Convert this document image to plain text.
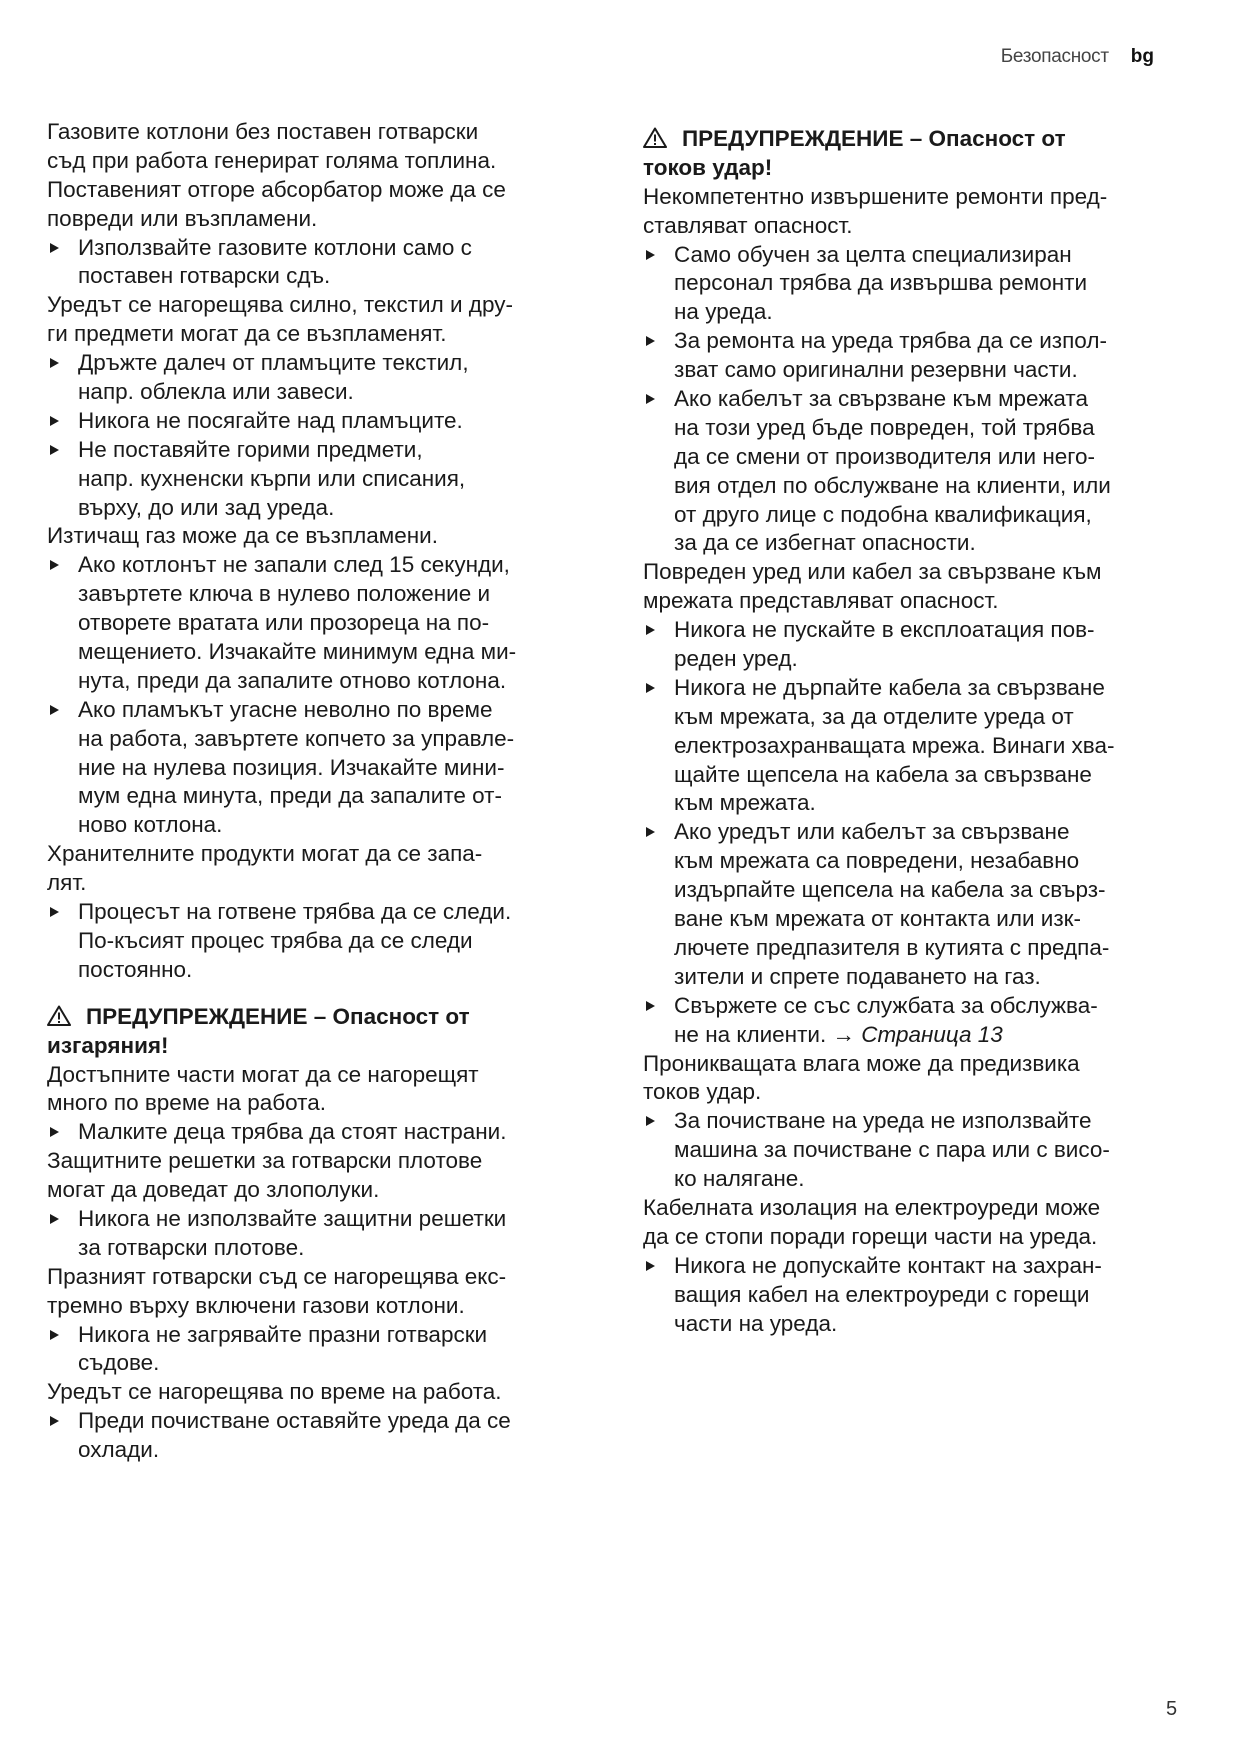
Безопасност bg
Газовите котлони без поставен готварски
съд при работа генерират голяма топлина.
Поставеният отгоре абсорбатор може да се
повреди или възпламени.
Използвайте газовите котлони само с
поставен готварски сдъ.
Уредът се нагорещява силно, текстил и дру-
ги предмети могат да се възпламенят.
Дръжте далеч от пламъците текстил,
напр. облекла или завеси.
Никога не посягайте над пламъците.
Не поставяйте горими предмети,
напр. кухненски кърпи или списания,
върху, до или зад уреда.
Изтичащ газ може да се възпламени.
Ако котлонът не запали след 15 секунди,
завъртете ключа в нулево положение и
отворете вратата или прозореца на по-
мещението. Изчакайте минимум една ми-
нута, преди да запалите отново котлона.
Ако пламъкът угасне неволно по време
на работа, завъртете копчето за управле-
ние на нулева позиция. Изчакайте мини-
мум една минута, преди да запалите от-
ново котлона.
Хранителните продукти могат да се запа-
лят.
Процесът на готвене трябва да се следи.
По-късият процес трябва да се следи
постоянно.
ПРЕДУПРЕЖДЕНИЕ – Опасност от
изгаряния!
Достъпните части могат да се нагорещят
много по време на работа.
Малките деца трябва да стоят настрани.
Защитните решетки за готварски плотове
могат да доведат до злополуки.
Никога не използвайте защитни решетки
за готварски плотове.
Празният готварски съд се нагорещява екс-
тремно върху включени газови котлони.
Никога не загрявайте празни готварски
съдове.
Уредът се нагорещява по време на работа.
Преди почистване оставяйте уреда да се
охлади.
ПРЕДУПРЕЖДЕНИЕ – Опасност от
токов удар!
Некомпетентно извършените ремонти пред-
ставляват опасност.
Само обучен за целта специализиран
персонал трябва да извършва ремонти
на уреда.
За ремонта на уреда трябва да се изпол-
зват само оригинални резервни части.
Ако кабелът за свързване към мрежата
на този уред бъде повреден, той трябва
да се смени от производителя или него-
вия отдел по обслужване на клиенти, или
от друго лице с подобна квалификация,
за да се избегнат опасности.
Повреден уред или кабел за свързване към
мрежата представляват опасност.
Никога не пускайте в експлоатация пов-
реден уред.
Никога не дърпайте кабела за свързване
към мрежата, за да отделите уреда от
електрозахранващата мрежа. Винаги хва-
щайте щепсела на кабела за свързване
към мрежата.
Ако уредът или кабелът за свързване
към мрежата са повредени, незабавно
издърпайте щепсела на кабела за свърз-
ване към мрежата от контакта или изк-
лючете предпазителя в кутията с предпа-
зители и спрете подаването на газ.
Свържете се със службата за обслужва-
не на клиенти. → Страница 13
Проникващата влага може да предизвика
токов удар.
За почистване на уреда не използвайте
машина за почистване с пара или с висо-
ко налягане.
Кабелната изолация на електроуреди може
да се стопи поради горещи части на уреда.
Никога не допускайте контакт на захран-
ващия кабел на електроуреди с горещи
части на уреда.
5
